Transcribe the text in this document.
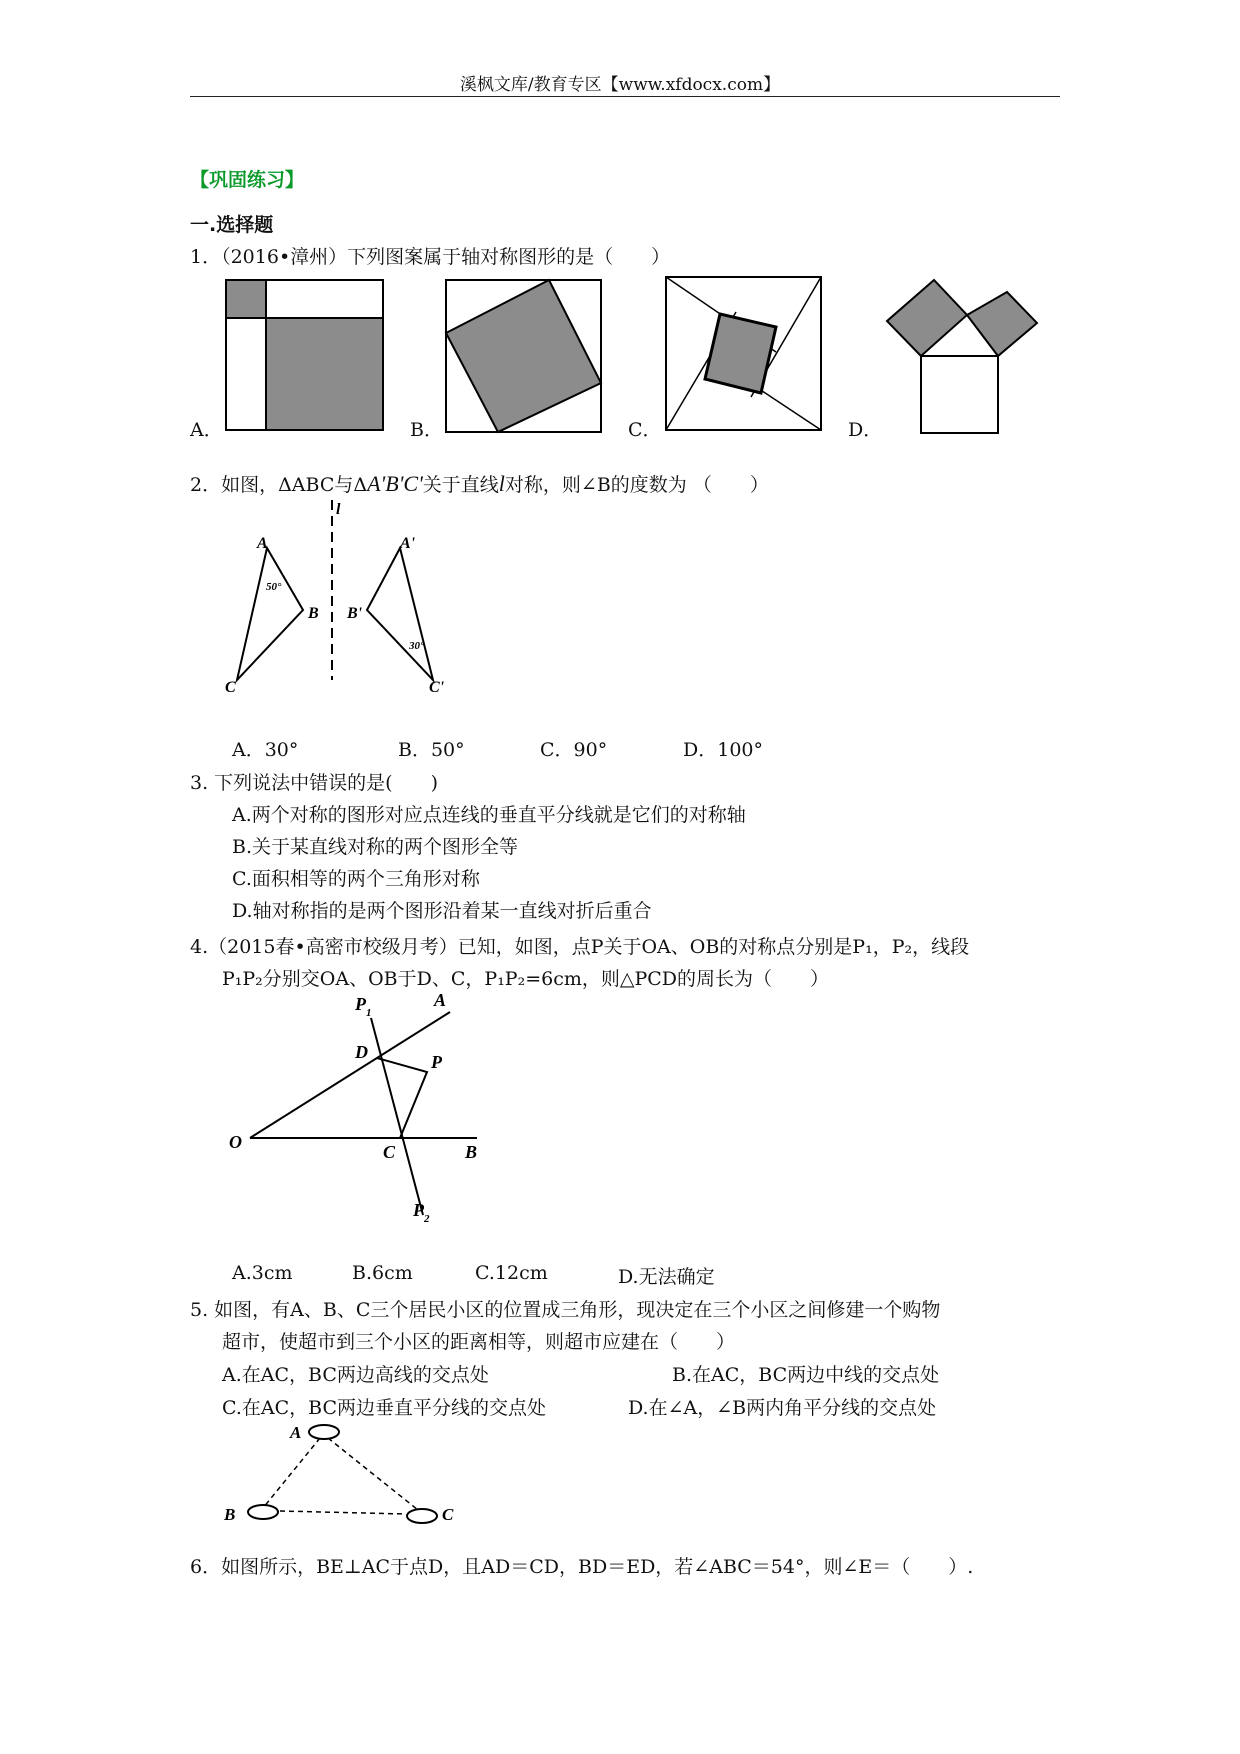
溪枫文库/教育专区【www.xfdocx.com】
【巩固练习】
一.选择题
1．（2016•漳州）下列图案属于轴对称图形的是（　　）
A．	B．	C．	D．
2．如图，ΔABC与ΔA'B'C'关于直线l对称，则∠B的度数为 （　　）
l
A
B
C
A'
B'
C'
50°
30°
A．30°	B．50°	C．90°	D．100°
3. 下列说法中错误的是(　　)
A.两个对称的图形对应点连线的垂直平分线就是它们的对称轴
B.关于某直线对称的两个图形全等
C.面积相等的两个三角形对称
D.轴对称指的是两个图形沿着某一直线对折后重合
4.（2015春•高密市校级月考）已知，如图，点P关于OA、OB的对称点分别是P₁，P₂，线段
P₁P₂分别交OA、OB于D、C，P₁P₂=6cm，则△PCD的周长为（　　）
$P_1$
A
D	P
O	C	B
$P_2$
A.3cm	B.6cm	C.12cm	D.无法确定
5. 如图，有A、B、C三个居民小区的位置成三角形，现决定在三个小区之间修建一个购物
超市，使超市到三个小区的距离相等，则超市应建在（　　）
A.在AC，BC两边高线的交点处	B.在AC，BC两边中线的交点处
C.在AC，BC两边垂直平分线的交点处	D.在∠A，∠B两内角平分线的交点处
A
B	C
6．如图所示，BE⊥AC于点D，且AD＝CD，BD＝ED，若∠ABC＝54°，则∠E＝（　　）.
